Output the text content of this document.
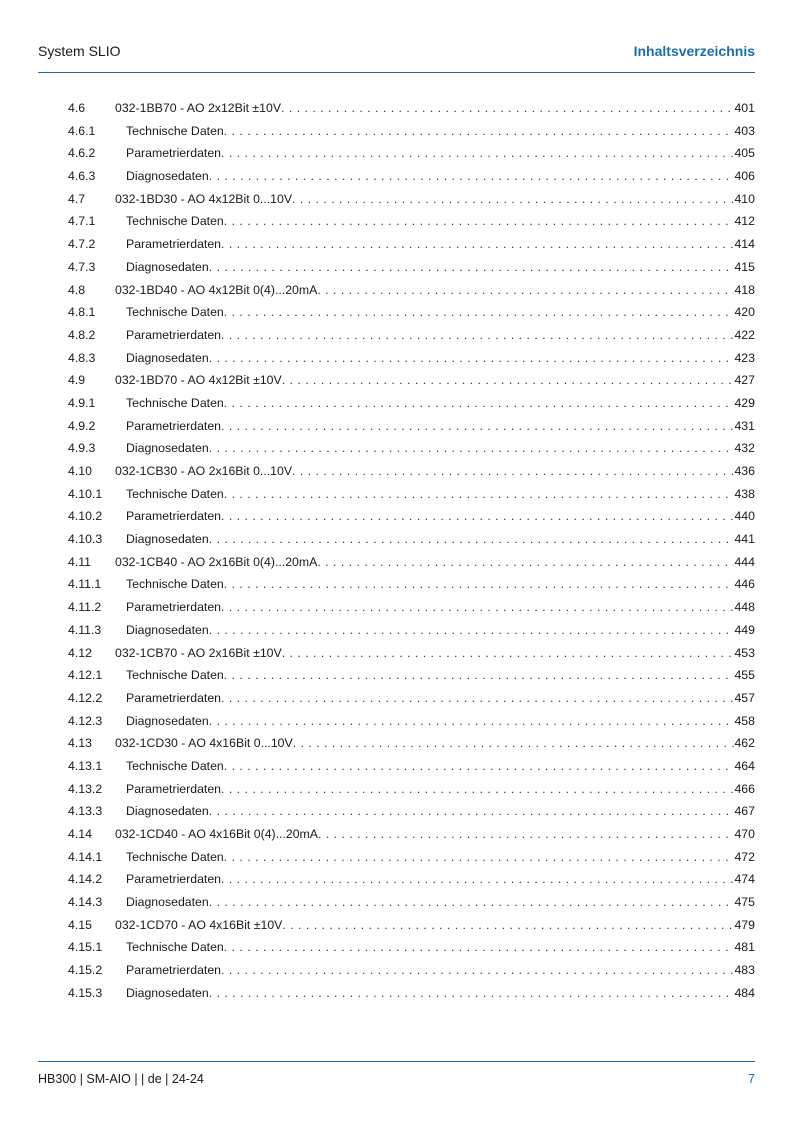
System SLIO	Inhaltsverzeichnis
4.6	032-1BB70 - AO 2x12Bit ±10V . . .	401
4.6.1	Technische Daten . . .	403
4.6.2	Parametrierdaten . . .	405
4.6.3	Diagnosedaten . . .	406
4.7	032-1BD30 - AO 4x12Bit 0...10V . . .	410
4.7.1	Technische Daten . . .	412
4.7.2	Parametrierdaten . . .	414
4.7.3	Diagnosedaten . . .	415
4.8	032-1BD40 - AO 4x12Bit 0(4)...20mA . . .	418
4.8.1	Technische Daten . . .	420
4.8.2	Parametrierdaten . . .	422
4.8.3	Diagnosedaten . . .	423
4.9	032-1BD70 - AO 4x12Bit ±10V . . .	427
4.9.1	Technische Daten . . .	429
4.9.2	Parametrierdaten . . .	431
4.9.3	Diagnosedaten . . .	432
4.10	032-1CB30 - AO 2x16Bit 0...10V . . .	436
4.10.1	Technische Daten . . .	438
4.10.2	Parametrierdaten . . .	440
4.10.3	Diagnosedaten . . .	441
4.11	032-1CB40 - AO 2x16Bit 0(4)...20mA . . .	444
4.11.1	Technische Daten . . .	446
4.11.2	Parametrierdaten . . .	448
4.11.3	Diagnosedaten . . .	449
4.12	032-1CB70 - AO 2x16Bit ±10V . . .	453
4.12.1	Technische Daten . . .	455
4.12.2	Parametrierdaten . . .	457
4.12.3	Diagnosedaten . . .	458
4.13	032-1CD30 - AO 4x16Bit 0...10V . . .	462
4.13.1	Technische Daten . . .	464
4.13.2	Parametrierdaten . . .	466
4.13.3	Diagnosedaten . . .	467
4.14	032-1CD40 - AO 4x16Bit 0(4)...20mA . . .	470
4.14.1	Technische Daten . . .	472
4.14.2	Parametrierdaten . . .	474
4.14.3	Diagnosedaten . . .	475
4.15	032-1CD70 - AO 4x16Bit ±10V . . .	479
4.15.1	Technische Daten . . .	481
4.15.2	Parametrierdaten . . .	483
4.15.3	Diagnosedaten . . .	484
HB300 | SM-AIO | | de | 24-24	7
